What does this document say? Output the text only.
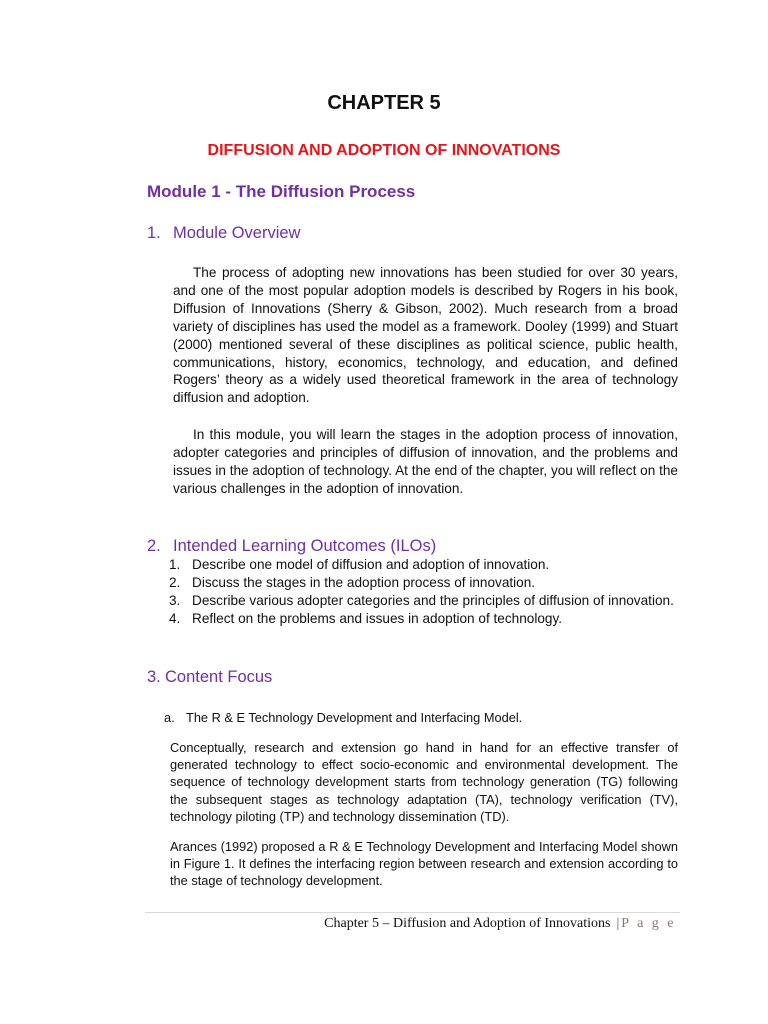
CHAPTER 5
DIFFUSION AND ADOPTION OF INNOVATIONS
Module 1 - The Diffusion Process
1. Module Overview

The process of adopting new innovations has been studied for over 30 years, and one of the most popular adoption models is described by Rogers in his book, Diffusion of Innovations (Sherry & Gibson, 2002). Much research from a broad variety of disciplines has used the model as a framework. Dooley (1999) and Stuart (2000) mentioned several of these disciplines as political science, public health, communications, history, economics, technology, and education, and defined Rogers’ theory as a widely used theoretical framework in the area of technology diffusion and adoption.

In this module, you will learn the stages in the adoption process of innovation, adopter categories and principles of diffusion of innovation, and the problems and issues in the adoption of technology. At the end of the chapter, you will reflect on the various challenges in the adoption of innovation.

2. Intended Learning Outcomes (ILOs)
1. Describe one model of diffusion and adoption of innovation.
2. Discuss the stages in the adoption process of innovation.
3. Describe various adopter categories and the principles of diffusion of innovation.
4. Reflect on the problems and issues in adoption of technology.
3. Content Focus
a. The R & E Technology Development and Interfacing Model.

Conceptually, research and extension go hand in hand for an effective transfer of generated technology to effect socio-economic and environmental development. The sequence of technology development starts from technology generation (TG) following the subsequent stages as technology adaptation (TA), technology verification (TV), technology piloting (TP) and technology dissemination (TD).

Arances (1992) proposed a R & E Technology Development and Interfacing Model shown in Figure 1. It defines the interfacing region between research and extension according to the stage of technology development.

Chapter 5 – Diffusion and Adoption of Innovations | P a g e
